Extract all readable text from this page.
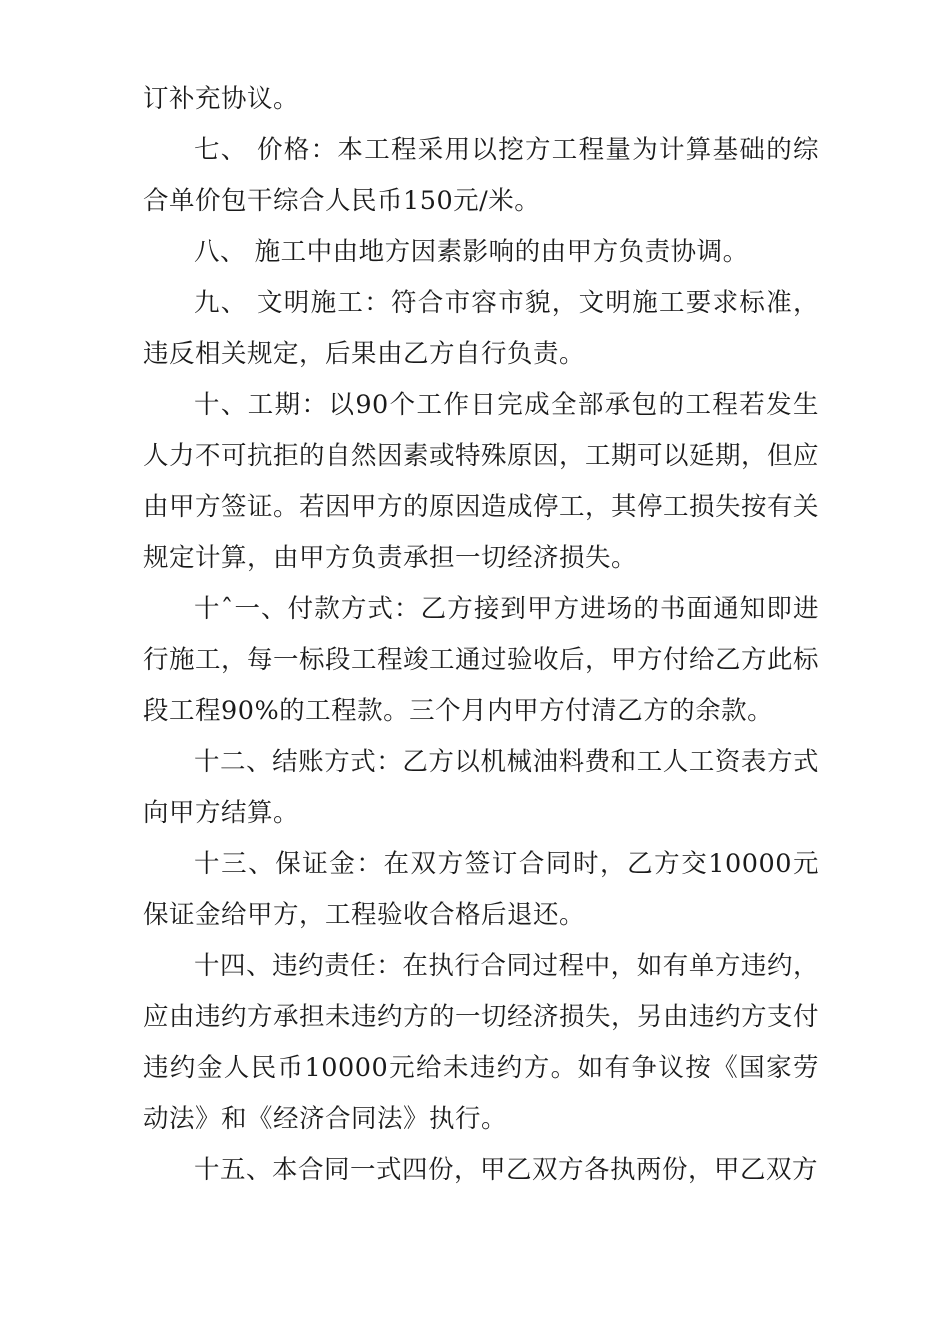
订补充协议。

七、 价格：本工程采用以挖方工程量为计算基础的综合单价包干综合人民币150元/米。

八、 施工中由地方因素影响的由甲方负责协调。

九、 文明施工：符合市容市貌，文明施工要求标准，违反相关规定，后果由乙方自行负责。

十、工期：以90个工作日完成全部承包的工程若发生人力不可抗拒的自然因素或特殊原因，工期可以延期，但应由甲方签证。若因甲方的原因造成停工，其停工损失按有关规定计算，由甲方负责承担一切经济损失。

十ˆ一、付款方式：乙方接到甲方进场的书面通知即进行施工，每一标段工程竣工通过验收后，甲方付给乙方此标段工程90%的工程款。三个月内甲方付清乙方的余款。

十二、结账方式：乙方以机械油料费和工人工资表方式向甲方结算。

十三、保证金：在双方签订合同时，乙方交10000元保证金给甲方，工程验收合格后退还。

十四、违约责任：在执行合同过程中，如有单方违约，应由违约方承担未违约方的一切经济损失，另由违约方支付违约金人民币10000元给未违约方。如有争议按《国家劳动法》和《经济合同法》执行。

十五、本合同一式四份，甲乙双方各执两份，甲乙双方
